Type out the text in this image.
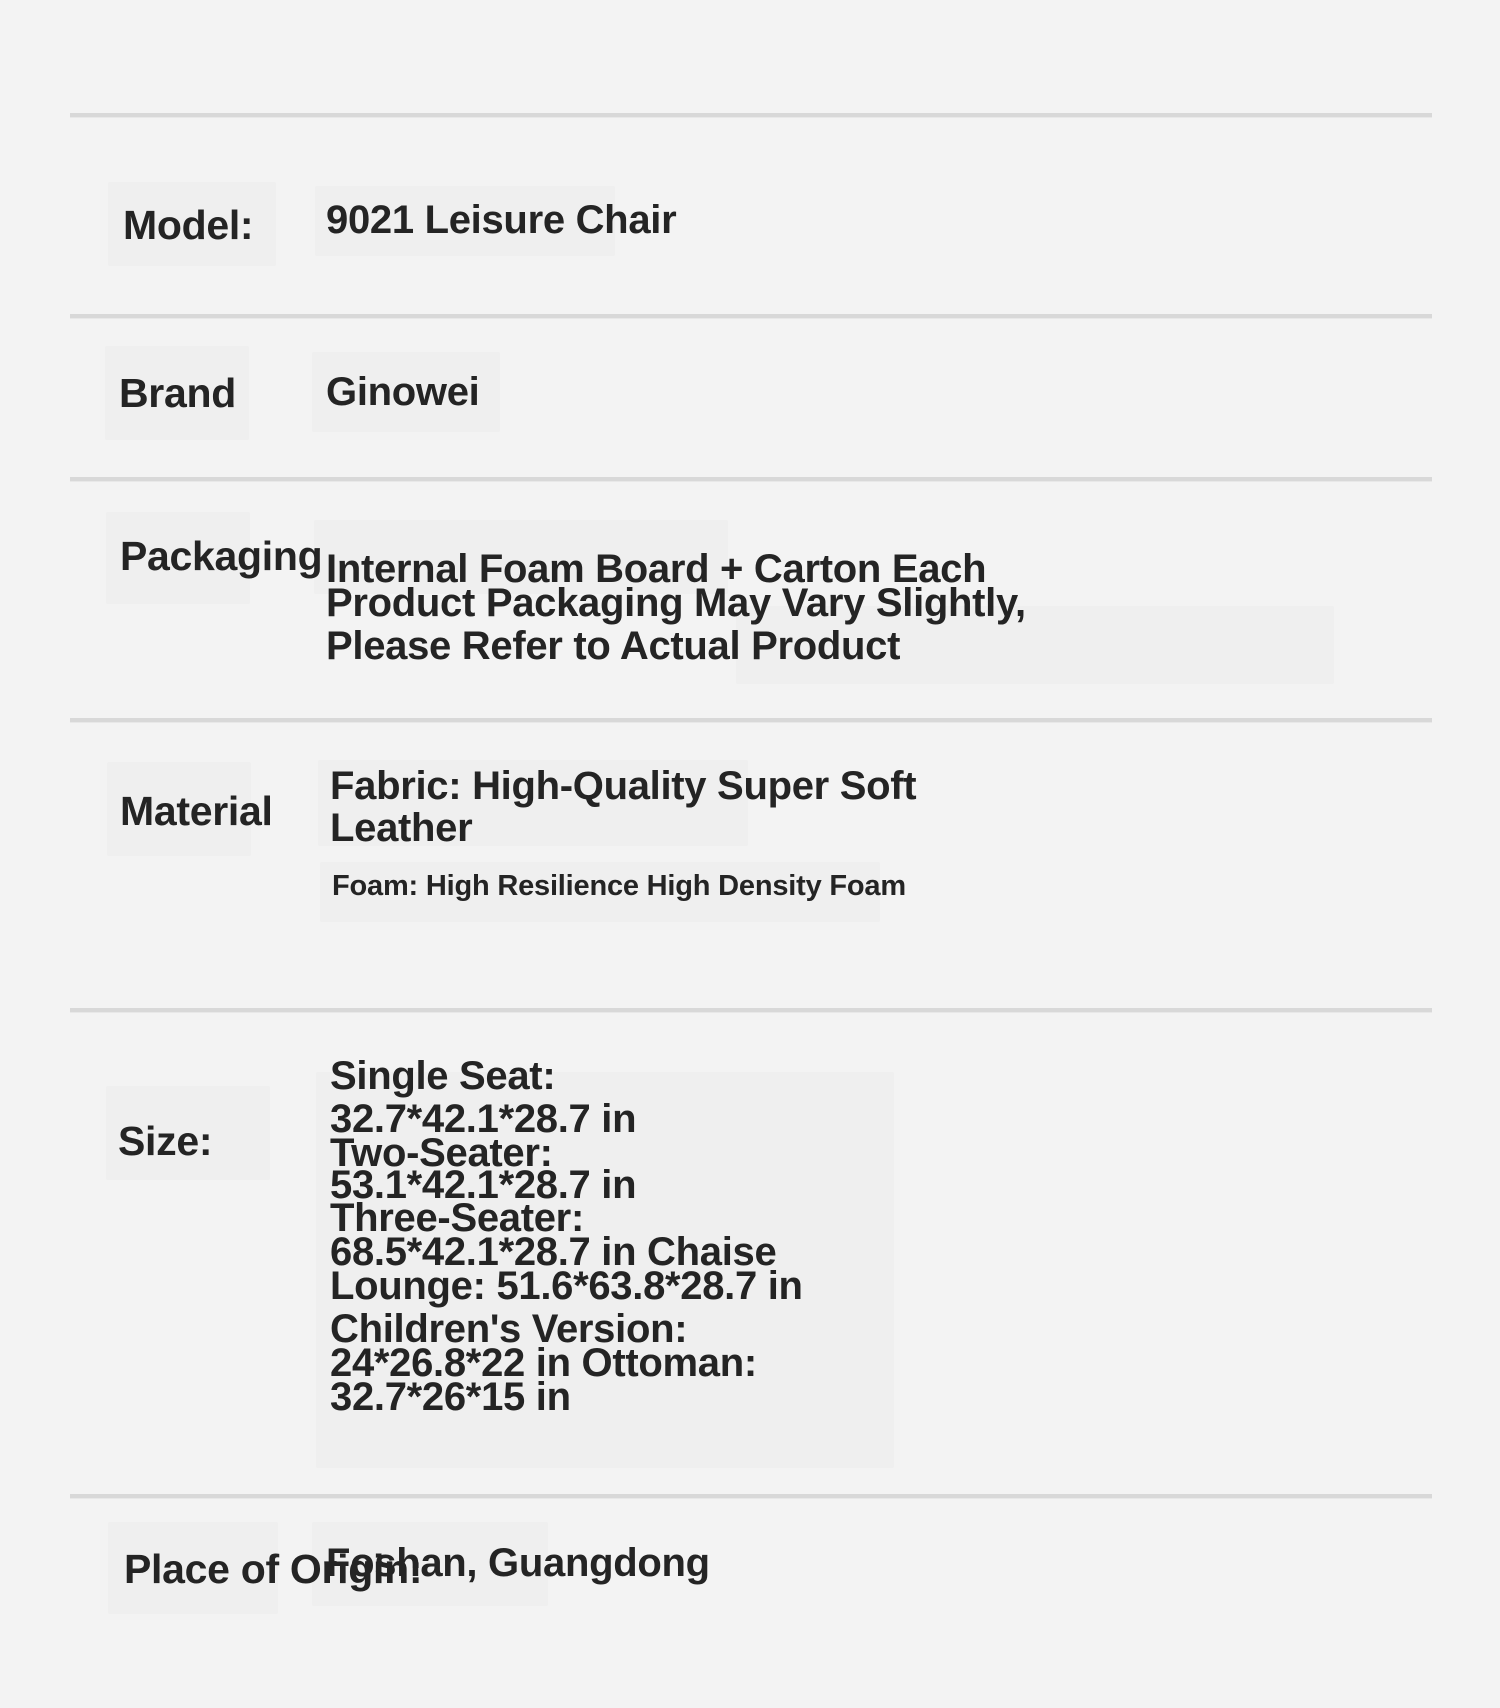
Model: 9021 Leisure Chair
Brand Ginowei
Packaging Internal Foam Board + Carton Each
Product Packaging May Vary Slightly,
Please Refer to Actual Product
Material
Fabric: High-Quality Super Soft
Leather
Foam: High Resilience High Density Foam
Size:
Single Seat:
32.7*42.1*28.7 in
Two-Seater:
53.1*42.1*28.7 in
Three-Seater:
68.5*42.1*28.7 in Chaise
Lounge: 51.6*63.8*28.7 in
Children's Version:
24*26.8*22 in Ottoman:
32.7*26*15 in
Foshan, Guangdong
Place of Origin:
